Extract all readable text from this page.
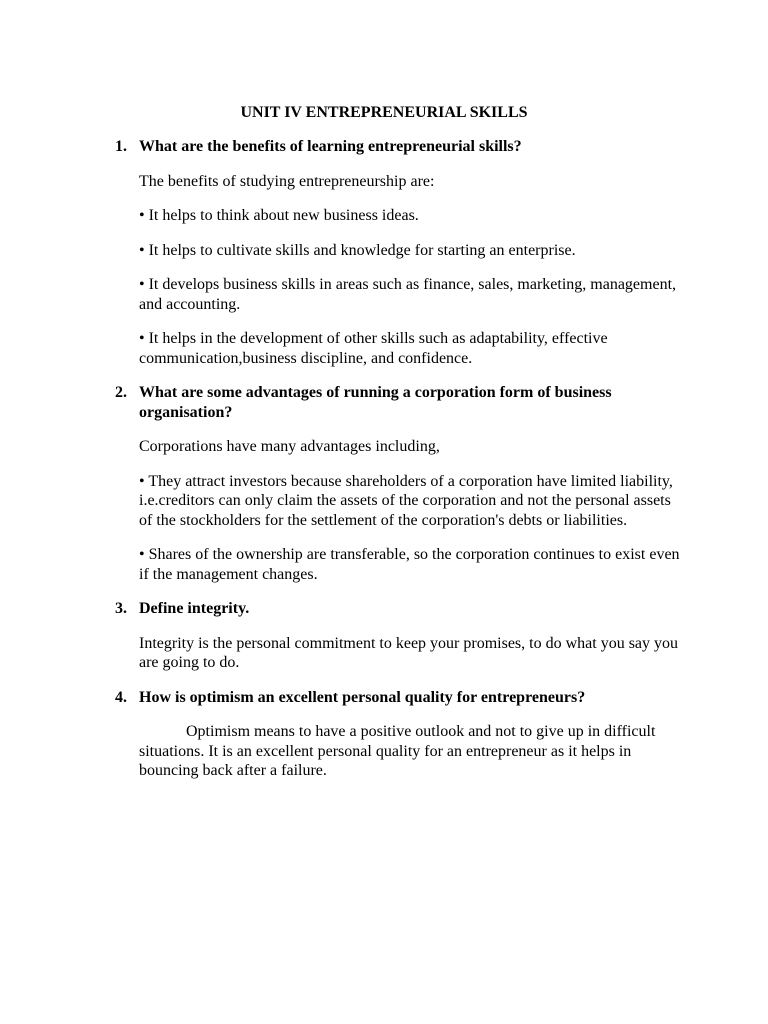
UNIT IV ENTREPRENEURIAL SKILLS
1. What are the benefits of learning entrepreneurial skills?

The benefits of studying entrepreneurship are:

• It helps to think about new business ideas.

• It helps to cultivate skills and knowledge for starting an enterprise.

• It develops business skills in areas such as finance, sales, marketing, management, and accounting.

• It helps in the development of other skills such as adaptability, effective communication,business discipline, and confidence.

2. What are some advantages of running a corporation form of business organisation?

Corporations have many advantages including,

• They attract investors because shareholders of a corporation have limited liability, i.e.creditors can only claim the assets of the corporation and not the personal assets of the stockholders for the settlement of the corporation's debts or liabilities.

• Shares of the ownership are transferable, so the corporation continues to exist even if the management changes.

3. Define integrity.

Integrity is the personal commitment to keep your promises, to do what you say you are going to do.

4. How is optimism an excellent personal quality for entrepreneurs?

Optimism means to have a positive outlook and not to give up in difficult situations. It is an excellent personal quality for an entrepreneur as it helps in bouncing back after a failure.
